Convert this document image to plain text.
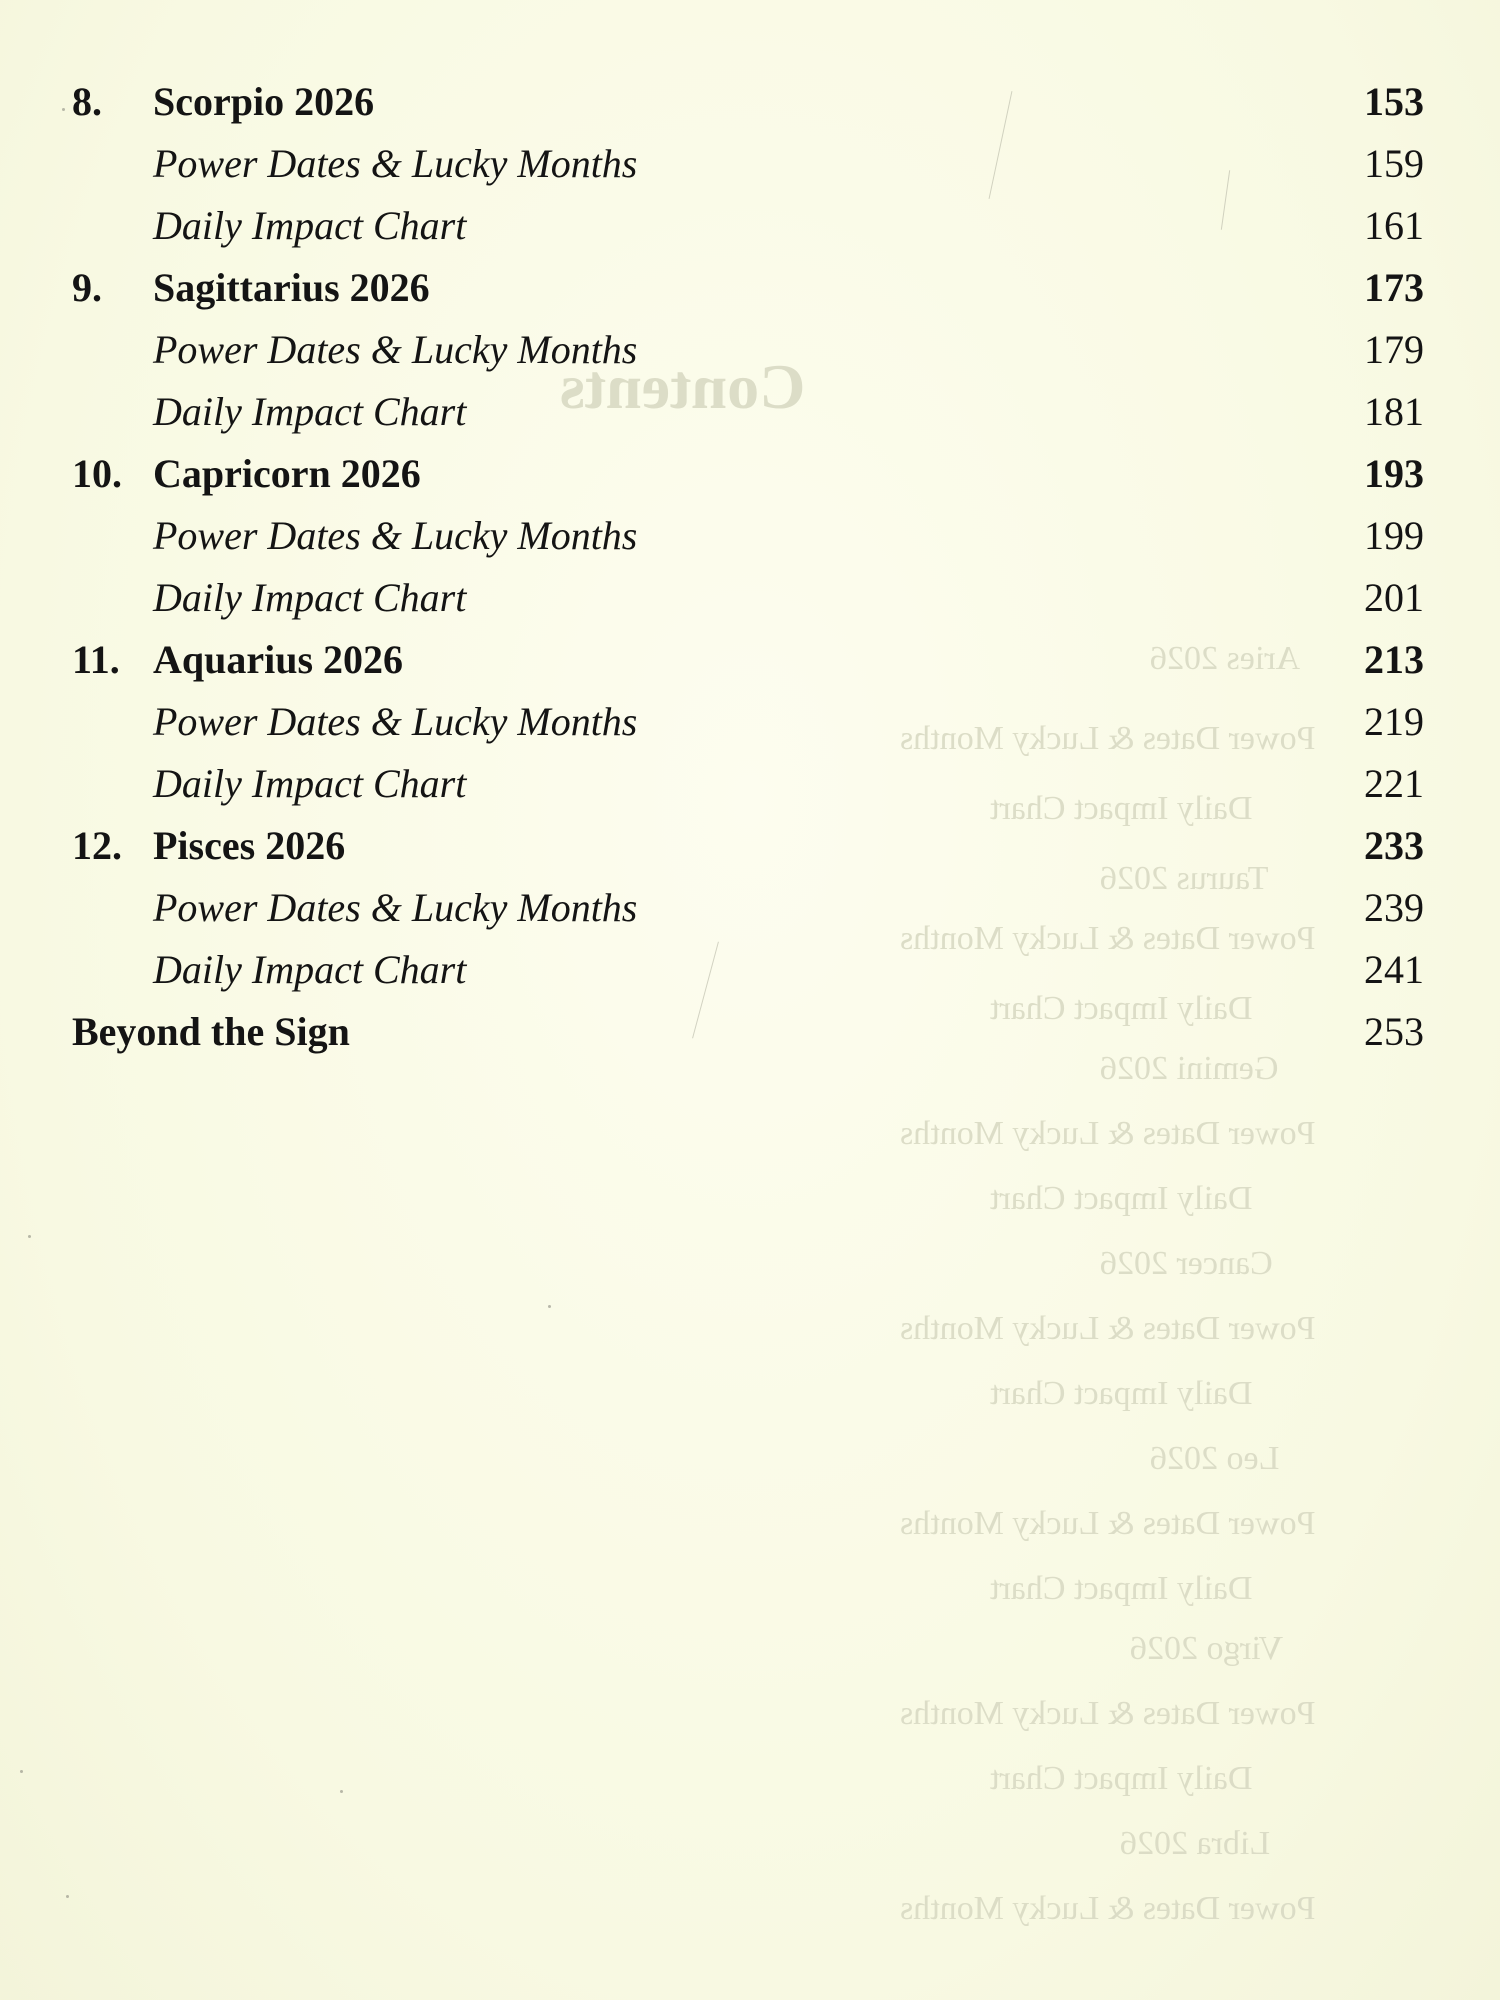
Contents
Aries 2026
Power Dates & Lucky Months
Daily Impact Chart
Taurus 2026
Power Dates & Lucky Months
Daily Impact Chart
Gemini 2026
Power Dates & Lucky Months
Daily Impact Chart
Cancer 2026
Power Dates & Lucky Months
Daily Impact Chart
Leo 2026
Power Dates & Lucky Months
Daily Impact Chart
Virgo 2026
Power Dates & Lucky Months
Daily Impact Chart
Libra 2026
Power Dates & Lucky Months
8. Scorpio 2026	153
Power Dates & Lucky Months	159
Daily Impact Chart	161
9. Sagittarius 2026	173
Power Dates & Lucky Months	179
Daily Impact Chart	181
10. Capricorn 2026	193
Power Dates & Lucky Months	199
Daily Impact Chart	201
11. Aquarius 2026	213
Power Dates & Lucky Months	219
Daily Impact Chart	221
12. Pisces 2026	233
Power Dates & Lucky Months	239
Daily Impact Chart	241
Beyond the Sign	253
